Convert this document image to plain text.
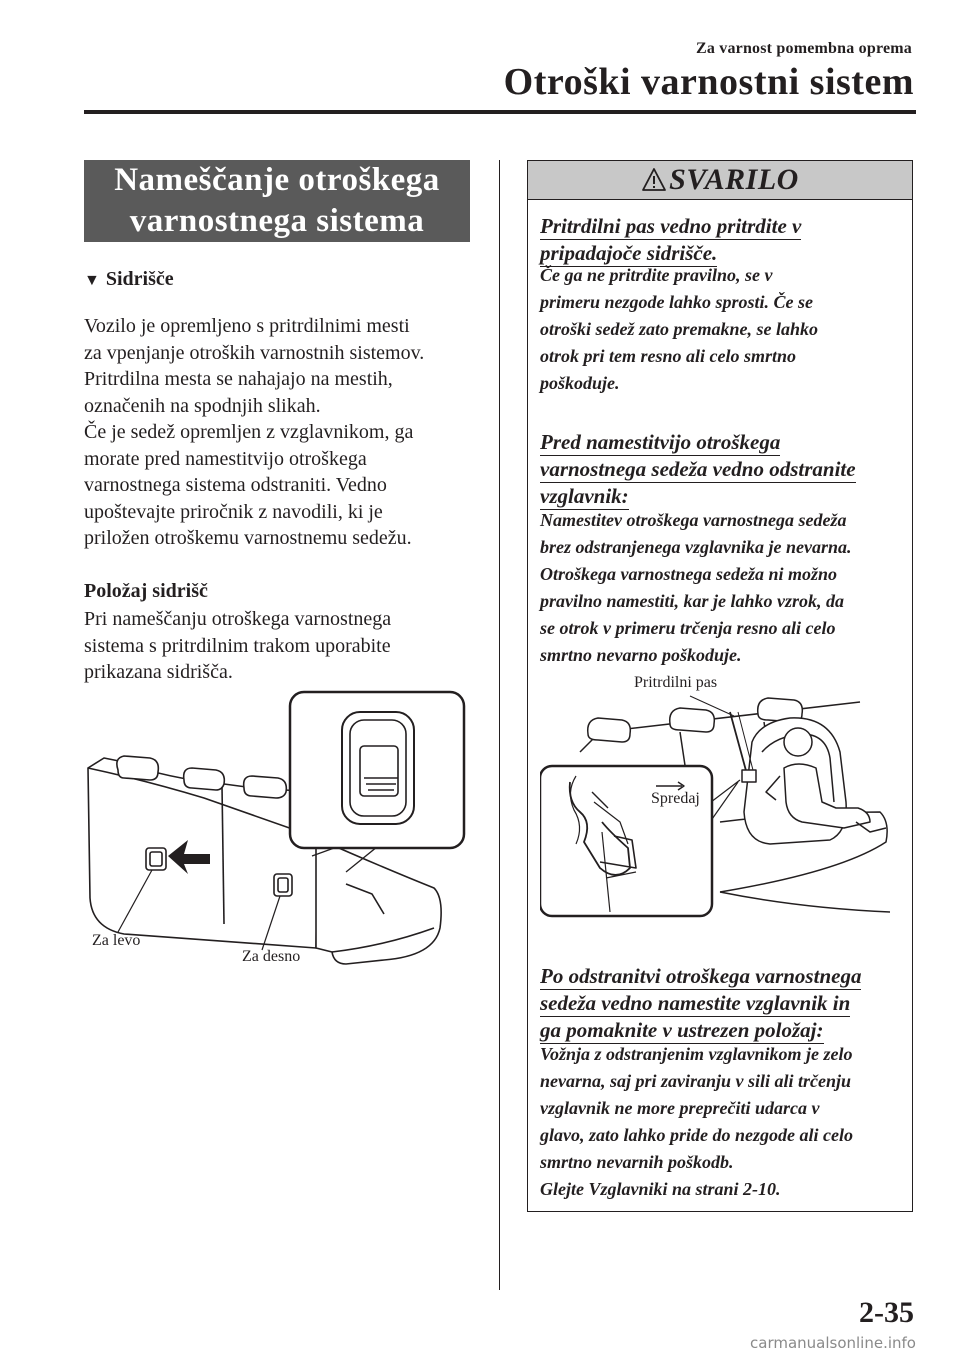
Za varnost pomembna oprema
Otroški varnostni sistem
Nameščanje otroškega
varnostnega sistema
▼ Sidrišče
Vozilo je opremljeno s pritrdilnimi mesti
za vpenjanje otroških varnostnih sistemov.
Pritrdilna mesta se nahajajo na mestih,
označenih na spodnjih slikah.
Če je sedež opremljen z vzglavnikom, ga
morate pred namestitvijo otroškega
varnostnega sistema odstraniti. Vedno
upoštevajte priročnik z navodili, ki je
priložen otroškemu varnostnemu sedežu.
Položaj sidrišč
Pri nameščanju otroškega varnostnega
sistema s pritrdilnim trakom uporabite
prikazana sidrišča.
Za levo
Za desno
SVARILO
Pritrdilni pas vedno pritrdite v
pripadajoče sidrišče.
Če ga ne pritrdite pravilno, se v
primeru nezgode lahko sprosti. Če se
otroški sedež zato premakne, se lahko
otrok pri tem resno ali celo smrtno
poškoduje.
Pred namestitvijo otroškega
varnostnega sedeža vedno odstranite
vzglavnik:
Namestitev otroškega varnostnega sedeža
brez odstranjenega vzglavnika je nevarna.
Otroškega varnostnega sedeža ni možno
pravilno namestiti, kar je lahko vzrok, da
se otrok v primeru trčenja resno ali celo
smrtno nevarno poškoduje.
Pritrdilni pas
Spredaj
Po odstranitvi otroškega varnostnega
sedeža vedno namestite vzglavnik in
ga pomaknite v ustrezen položaj:
Vožnja z odstranjenim vzglavnikom je zelo
nevarna, saj pri zaviranju v sili ali trčenju
vzglavnik ne more preprečiti udarca v
glavo, zato lahko pride do nezgode ali celo
smrtno nevarnih poškodb.
Glejte Vzglavniki na strani 2-10.
2-35
carmanualsonline.info
